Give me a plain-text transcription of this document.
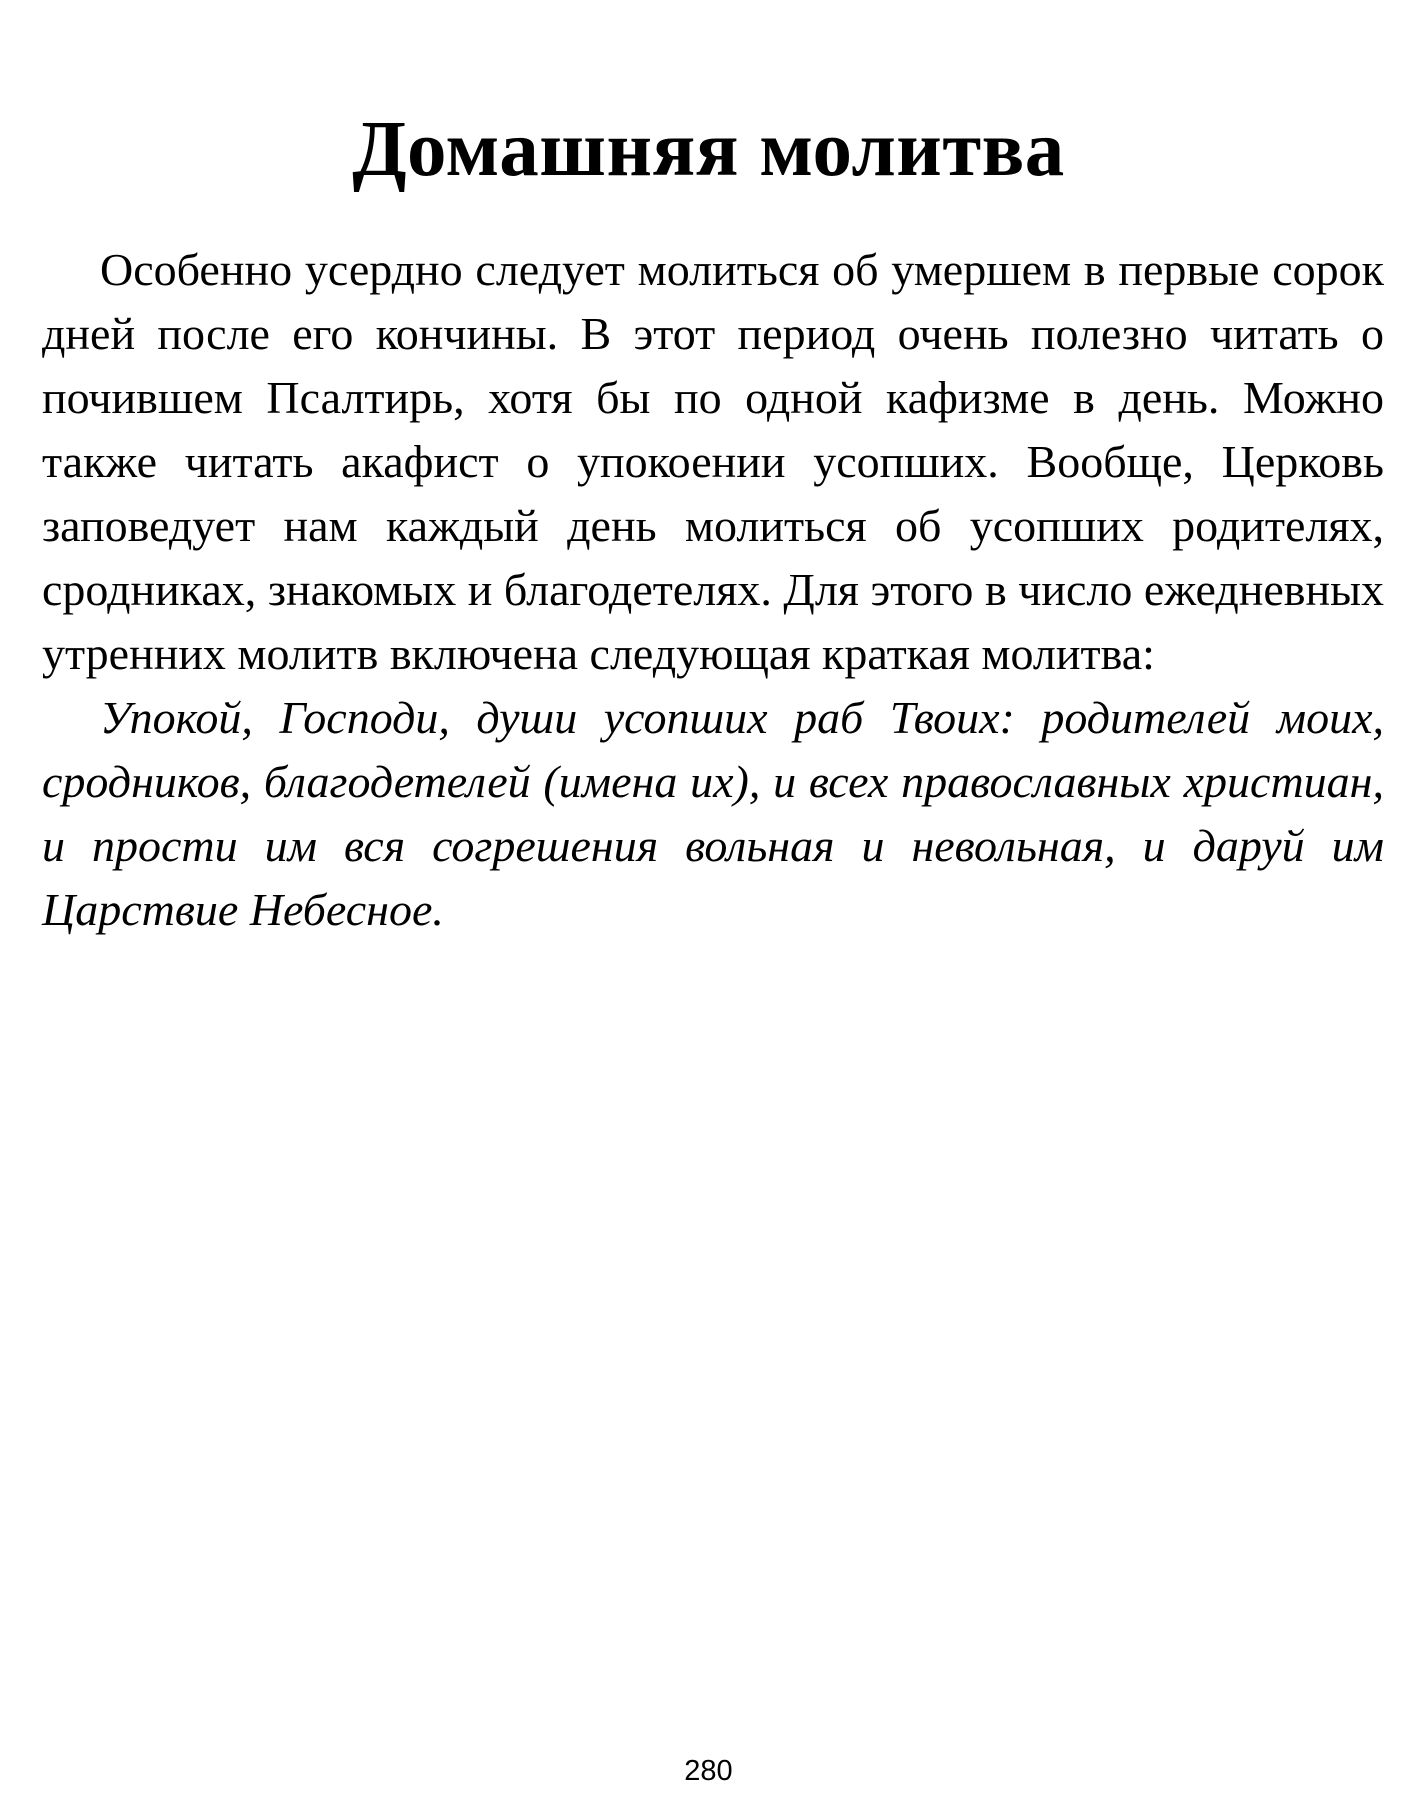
Домашняя молитва

Особенно усердно следует молиться об умершем в первые сорок дней после его кончины. В этот период очень полезно читать о почившем Псалтирь, хотя бы по одной кафизме в день. Можно также читать акафист о упокоении усопших. Вообще, Церковь заповедует нам каждый день молиться об усопших родителях, сродниках, знакомых и благодетелях. Для этого в число ежедневных утренних молитв включена следующая краткая молитва:

Упокой, Господи, души усопших раб Твоих: родителей моих, сродников, благодетелей (имена их), и всех православных христиан, и прости им вся согрешения вольная и невольная, и даруй им Царствие Небесное.

280
